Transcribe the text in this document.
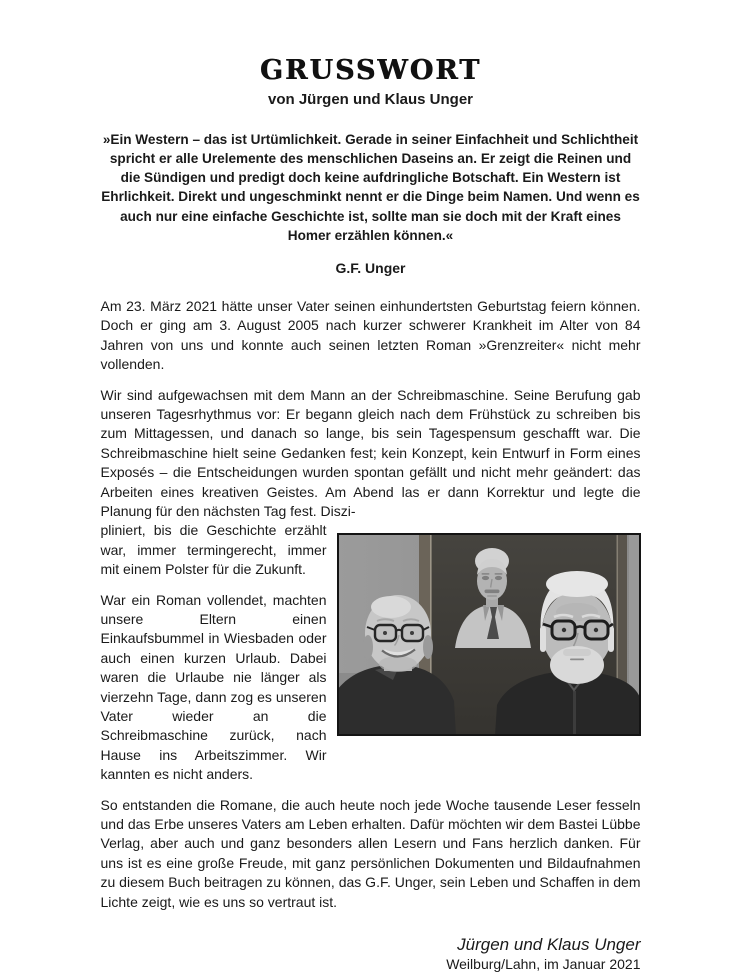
GRUSSWORT
von Jürgen und Klaus Unger
»Ein Western – das ist Urtümlichkeit. Gerade in seiner Einfachheit und Schlichtheit spricht er alle Urelemente des menschlichen Daseins an. Er zeigt die Reinen und die Sündigen und predigt doch keine aufdringliche Botschaft. Ein Western ist Ehrlichkeit. Direkt und ungeschminkt nennt er die Dinge beim Namen. Und wenn es auch nur eine einfache Geschichte ist, sollte man sie doch mit der Kraft eines Homer erzählen können.«
G.F. Unger

Am 23. März 2021 hätte unser Vater seinen einhundertsten Geburtstag feiern können. Doch er ging am 3. August 2005 nach kurzer schwerer Krankheit im Alter von 84 Jahren von uns und konnte auch seinen letzten Roman »Grenzreiter« nicht mehr vollenden.

Wir sind aufgewachsen mit dem Mann an der Schreibmaschine. Seine Berufung gab unseren Tagesrhythmus vor: Er begann gleich nach dem Frühstück zu schreiben bis zum Mittagessen, und danach so lange, bis sein Tagespensum geschafft war. Die Schreibmaschine hielt seine Gedanken fest; kein Konzept, kein Entwurf in Form eines Exposés – die Entscheidungen wurden spontan gefällt und nicht mehr geändert: das Arbeiten eines kreativen Geistes. Am Abend las er dann Korrektur und legte die Planung für den nächsten Tag fest. Diszi-

pliniert, bis die Geschichte erzählt war, immer termingerecht, immer mit einem Polster für die Zukunft.

War ein Roman vollendet, machten unsere Eltern einen Einkaufsbummel in Wiesbaden oder auch einen kurzen Urlaub. Dabei waren die Urlaube nie länger als vierzehn Tage, dann zog es unseren Vater wieder an die Schreibmaschine zurück, nach Hause ins Arbeitszimmer. Wir kannten es nicht anders.

So entstanden die Romane, die auch heute noch jede Woche tausende Leser fesseln und das Erbe unseres Vaters am Leben erhalten. Dafür möchten wir dem Bastei Lübbe Verlag, aber auch und ganz besonders allen Lesern und Fans herzlich danken. Für uns ist es eine große Freude, mit ganz persönlichen Dokumenten und Bildaufnahmen zu diesem Buch beitragen zu können, das G.F. Unger, sein Leben und Schaffen in dem Lichte zeigt, wie es uns so vertraut ist.

Jürgen und Klaus Unger
Weilburg/Lahn, im Januar 2021
